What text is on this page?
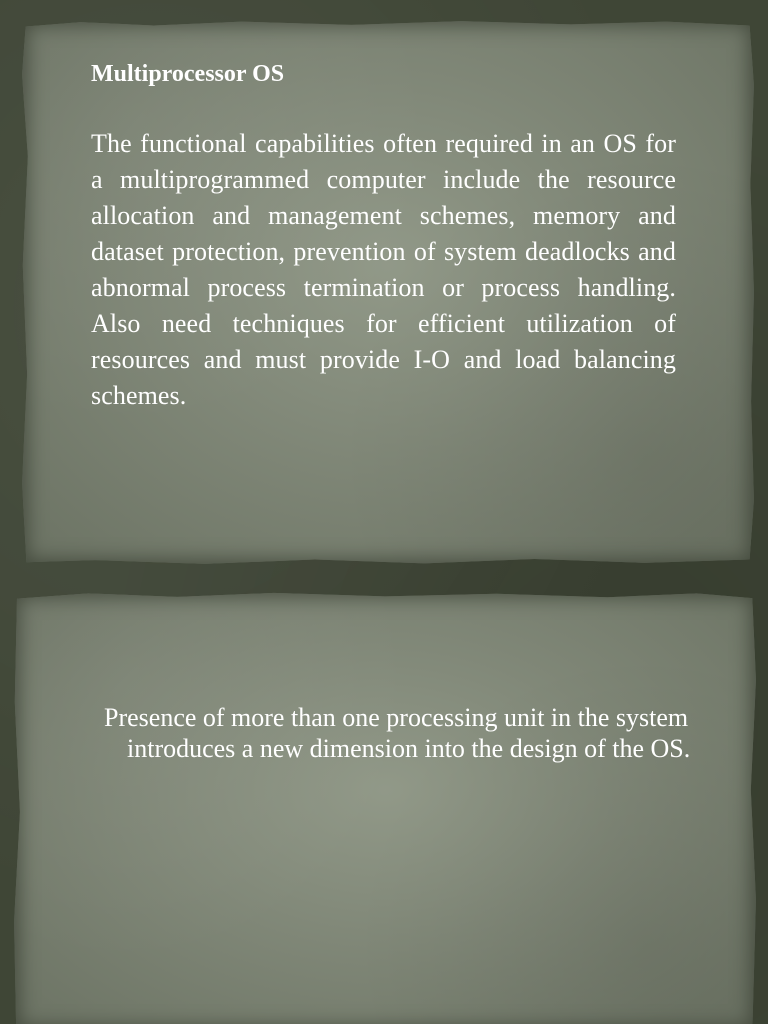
Multiprocessor OS

The functional capabilities often required in an OS for a multiprogrammed computer include the resource allocation and management schemes, memory and dataset protection, prevention of system deadlocks and abnormal process termination or process handling. Also need techniques for efficient utilization of resources and must provide I-O and load balancing schemes.

Presence of more than one processing unit in the system introduces a new dimension into the design of the OS.
